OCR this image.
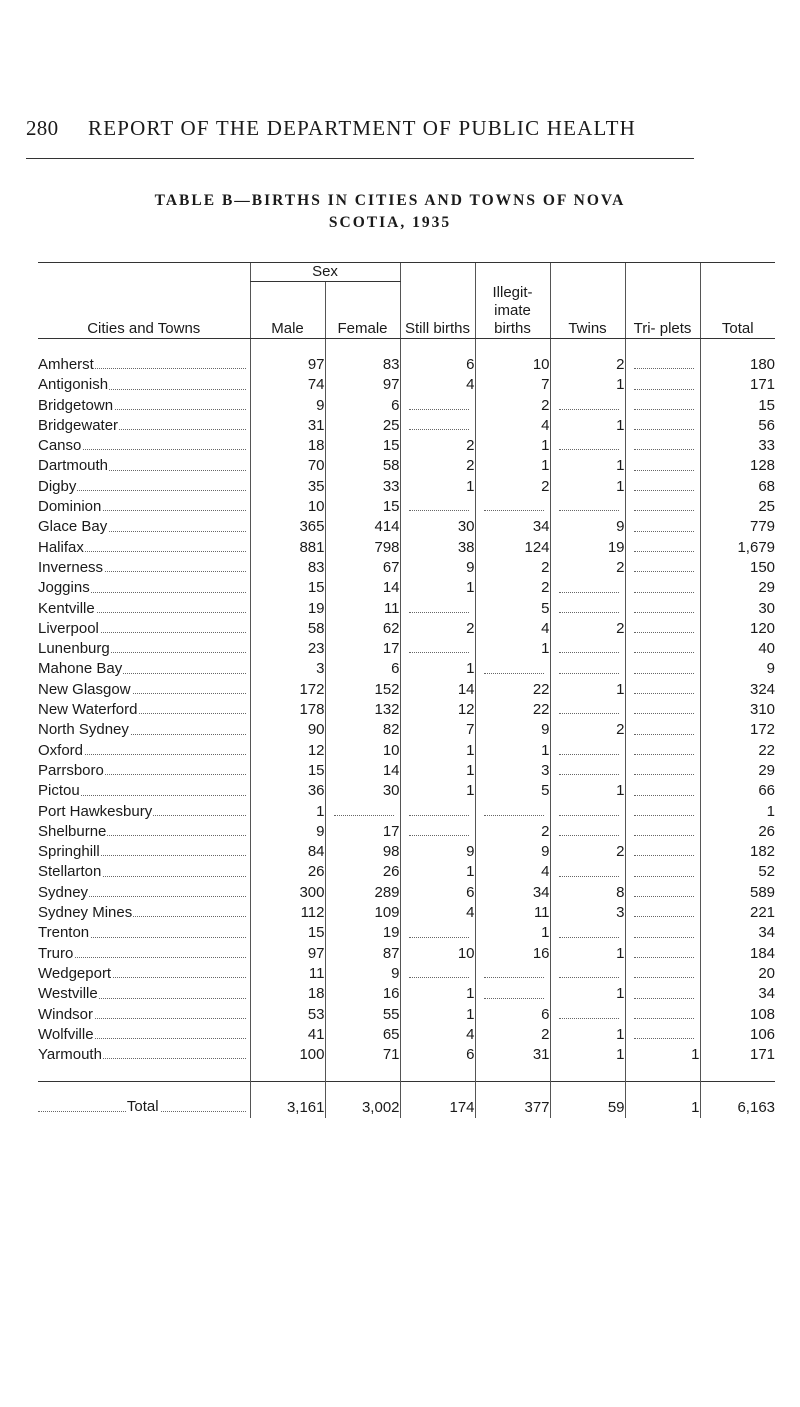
280 REPORT OF THE DEPARTMENT OF PUBLIC HEALTH
TABLE B—BIRTHS IN CITIES AND TOWNS OF NOVA
SCOTIA, 1935
Cities and Towns	Sex		Still births	Illegit- imate births	Twins	Tri- plets	Total
	Male	Female					

Amherst	97	83	6	10	2		180

Antigonish	74	97	4	7	1		171

Bridgetown	9	6		2			15

Bridgewater	31	25		4	1		56

Canso	18	15	2	1			33

Dartmouth	70	58	2	1	1		128

Digby	35	33	1	2	1		68

Dominion	10	15					25

Glace Bay	365	414	30	34	9		779

Halifax	881	798	38	124	19		1,679

Inverness	83	67	9	2	2		150

Joggins	15	14	1	2			29

Kentville	19	11		5			30

Liverpool	58	62	2	4	2		120

Lunenburg	23	17		1			40

Mahone Bay	3	6	1				9

New Glasgow	172	152	14	22	1		324

New Waterford	178	132	12	22			310

North Sydney	90	82	7	9	2		172

Oxford	12	10	1	1			22

Parrsboro	15	14	1	3			29

Pictou	36	30	1	5	1		66

Port Hawkesbury	1						1

Shelburne	9	17		2			26

Springhill	84	98	9	9	2		182

Stellarton	26	26	1	4			52

Sydney	300	289	6	34	8		589

Sydney Mines	112	109	4	11	3		221

Trenton	15	19		1			34

Truro	97	87	10	16	1		184

Wedgeport	11	9					20

Westville	18	16	1		1		34

Windsor	53	55	1	6			108

Wolfville	41	65	4	2	1		106

Yarmouth	100	71	6	31	1	1	171

Total	3,161	3,002	174	377	59	1	6,163
